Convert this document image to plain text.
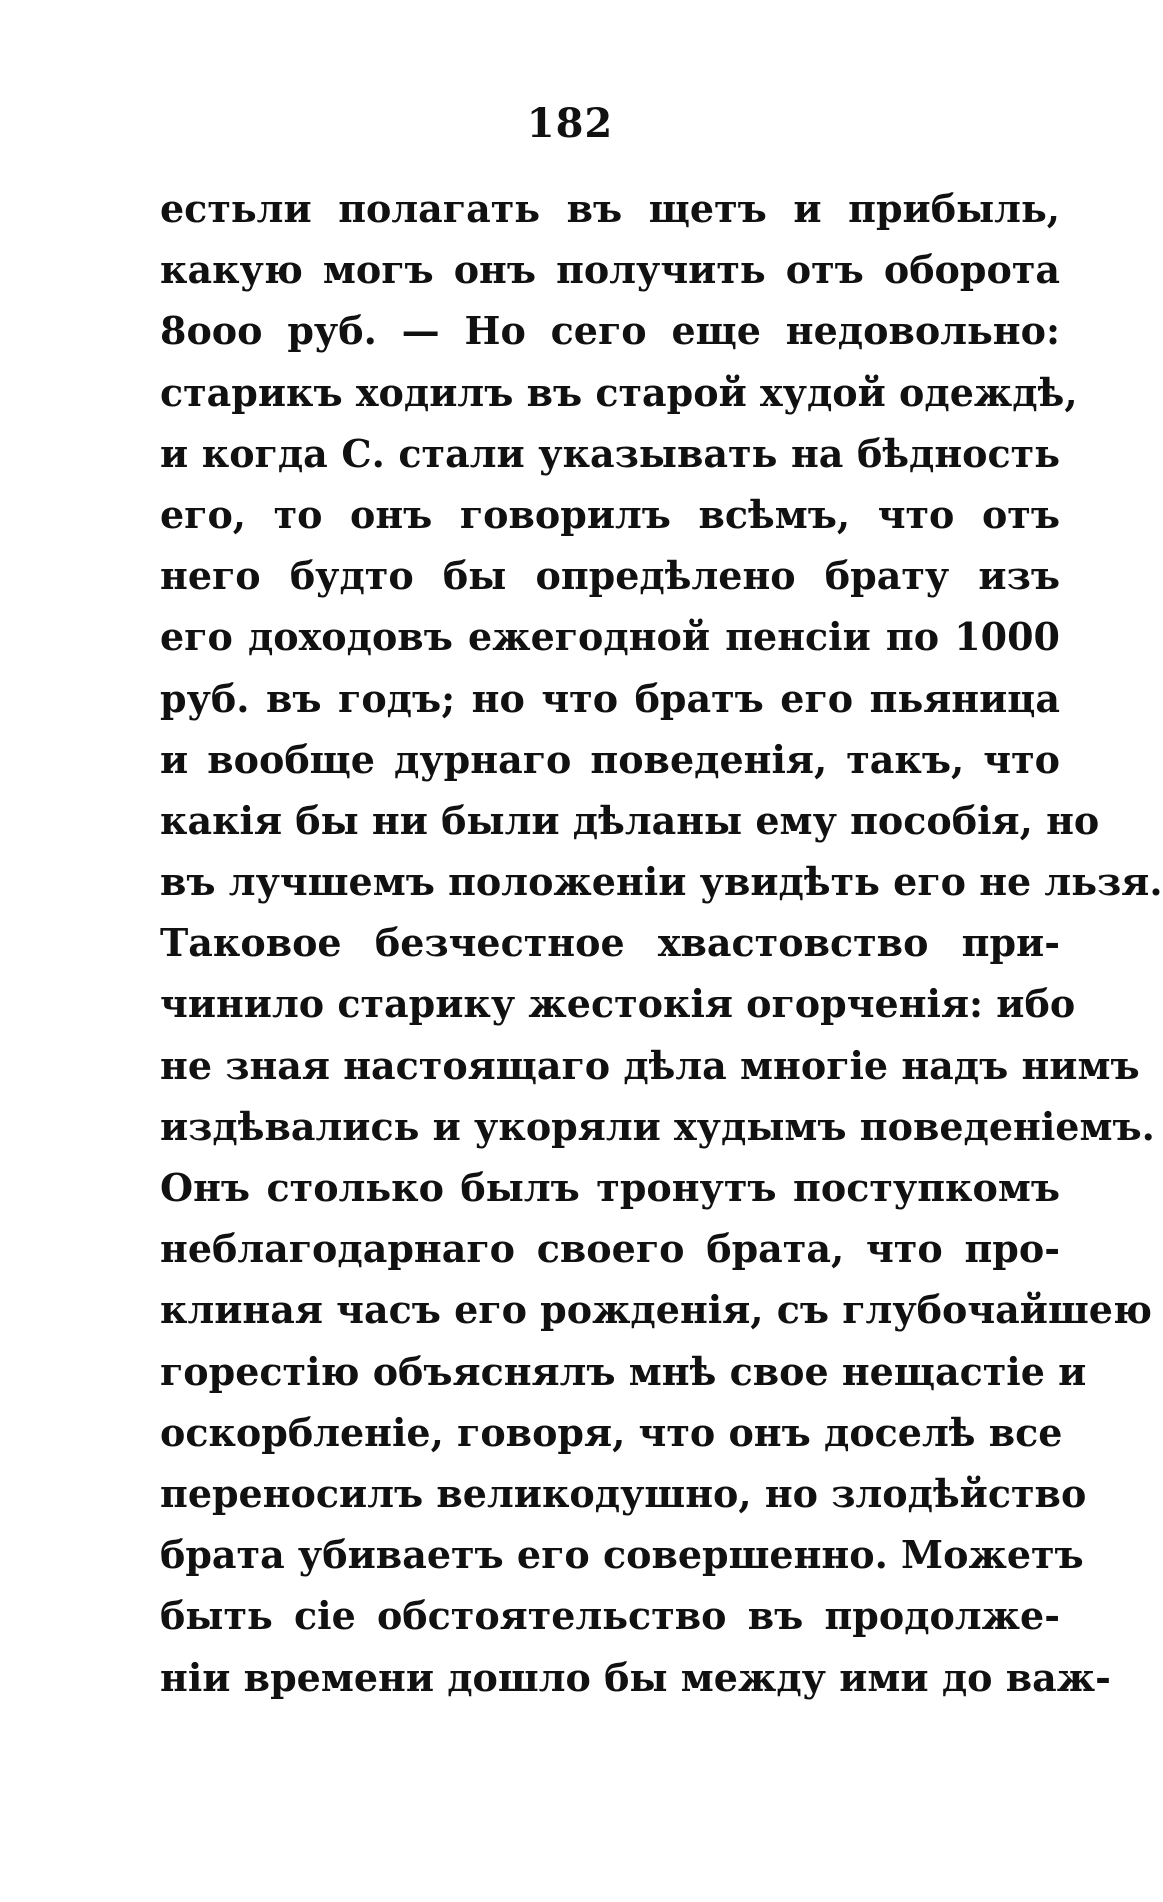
182
естьли полагать въ щетъ и прибыль,
какую могъ онъ получить отъ оборота
8ооо руб. — Но сего еще недовольно:
старикъ ходилъ въ старой худой одеждѣ,
и когда С. стали указывать на бѣдность
его, то онъ говорилъ всѣмъ, что отъ
него будто бы опредѣлено брату изъ
его доходовъ ежегодной пенсіи по 1000
руб. въ годъ; но что братъ его пьяница
и вообще дурнаго поведенія, такъ, что
какія бы ни были дѣланы ему пособія, но
въ лучшемъ положеніи увидѣть его не льзя.
Таковое безчестное хвастовство при-
чинило старику жестокія огорченія: ибо
не зная настоящаго дѣла многіе надъ нимъ
издѣвались и укоряли худымъ поведеніемъ.
Онъ столько былъ тронутъ поступкомъ
неблагодарнаго своего брата, что про-
клиная часъ его рожденія, съ глубочайшею
горестію объяснялъ мнѣ свое нещастіе и
оскорбленіе, говоря, что онъ доселѣ все
переносилъ великодушно, но злодѣйство
брата убиваетъ его совершенно. Можетъ
быть сіе обстоятельство въ продолже-
ніи времени дошло бы между ими до важ-
